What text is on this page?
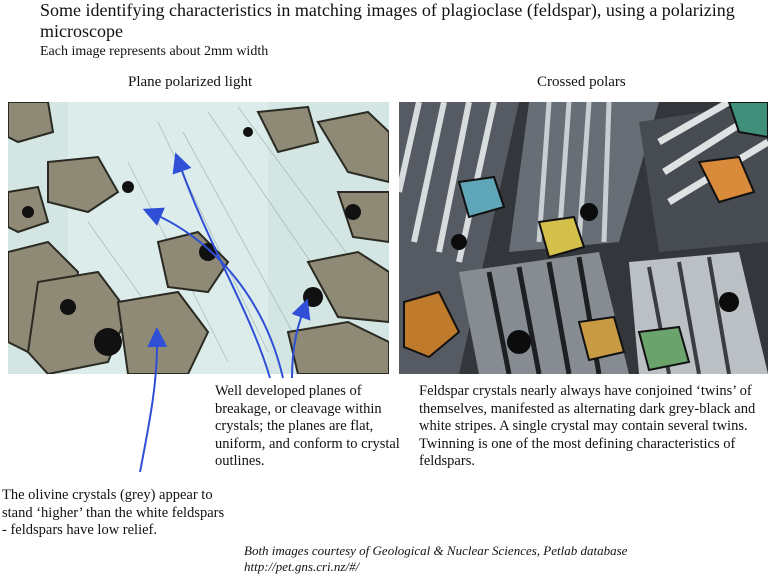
Some identifying characteristics in matching images of plagioclase (feldspar), using a polarizing microscope
Each image represents about 2mm width
Plane polarized light	Crossed polars
Well developed planes of breakage, or cleavage within crystals; the planes are flat, uniform, and conform to crystal outlines.
Feldspar crystals nearly always have conjoined ‘twins’ of themselves, manifested as alternating dark grey-black and white stripes. A single crystal may contain several twins. Twinning is one of the most defining characteristics of feldspars.
The olivine crystals (grey) appear to stand ‘higher’ than the white feldspars - feldspars have low relief.
Both images courtesy of Geological & Nuclear Sciences, Petlab database http://pet.gns.cri.nz/#/
